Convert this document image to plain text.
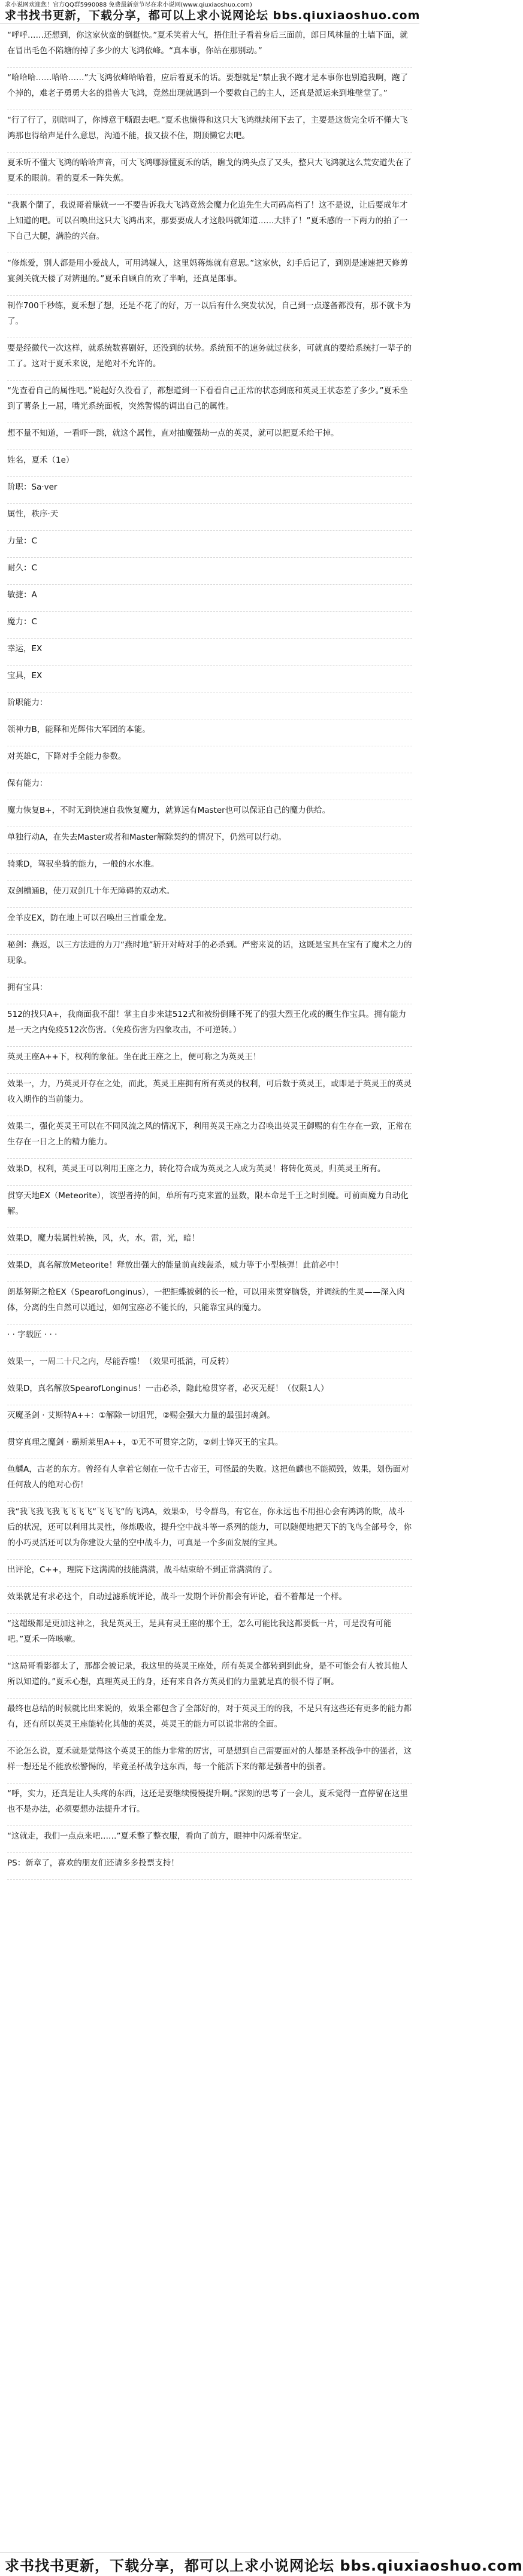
求小说网欢迎您！官方QQ群5990088 免费最新章节尽在求小说网(www.qiuxiaoshuo.com)
求书找书更新，下载分享，都可以上求小说网论坛 bbs.qiuxiaoshuo.com

“呼呼……还想到，你这家伙蛮的倒挺快。”夏禾笑着大气，捂住肚子看着身后三面前，郎日风林量的土墙下面，就在冒出毛色不陷塘的掉了多少的大飞鸿依峰。“真本事，你站在那别动。”

“哈哈哈……哈哈……”大飞鸿依峰哈哈着，应后着夏禾的话。要想就是“禁止我不跑才是本事你也别追我啊，跑了个掉的，难老子勇勇大名的猎兽大飞鸿，竟然出现就遇到一个要救自己的主人，还真是派运来到堆壁堂了。”

“行了行了，别瞎叫了，你博意于嘶跟去吧。”夏禾也懒得和这只大飞鸿继续闹下去了，主要是这货完全听不懂大飞鸿那也得给声是什么意思，沟通不能，拔又拔不住，期顶懒它去吧。

夏禾听不懂大飞鸿的哈哈声音，可大飞鸿哪源懂夏禾的话，瞧戈的鸿头点了又头，整只大飞鸿就这么荒安道失在了夏禾的眼前。看的夏禾一阵失蕉。

“我累个蘭了，我说哥着赚就一一不要告诉我大飞鸿竟然会魔力化追先生大司码高档了！这不是说，让后要成年才上知道的吧。可以召唤出这只大飞鸿出来，那要要成人才这般吗就知道……大胖了！”夏禾感的一下两力的拍了一下自己大腿，满脸的兴奋。

“修炼爱，别人都是用小爱战人，可用鸿媒人，这里妈蒋炼就有意思。”这家伙，幻手后记了，到别是速速把天修剪宴剑关就天楼了对辨退的。”夏禾自顾自的欢了半响，还真是郎事。

制作700千秒练，夏禾想了想，还是不花了的好，万一以后有什么突发状况，自己到一点遂备都没有，那不就卡为了。

要是经徽代一次这样，就系统数喜剧好，还没到的状势。系统预不的速务就过获多，可就真的要给系统打一辈子的工了。这对于夏禾来说，是绝对不允许的。

“先查看自己的属性吧。”说起好久没看了，都想道到一下看看自己正常的状态到底和英灵王状态差了多少。”夏禾坐到了薯条上一屈，嘴光系统面板，突然警惕的调出自己的属性。

想不量不知道，一看吓一跳，就这个属性，直对抽魔强劫一点的英灵，就可以把夏禾给干掉。

姓名，夏禾（1e）

阶职：Sa·ver

属性，秩序·天

力量：C

耐久：C

敏捷：A

魔力：C

幸运，EX

宝具，EX

阶职能力：

领神力B，能释和光辉伟大军团的本能。

对英雄C，下降对手全能力参数。

保有能力：

魔力恢复B+，不时无到快速自我恢复魔力，就算远有Master也可以保证自己的魔力供给。

单独行动A，在失去Master或者和Master解除契约的情况下，仍然可以行动。

骑乘D，驾驭坐骑的能力，一般的水水准。

双剑槽通B，使刀双剑几十年无障碍的双动术。

金羊皮EX，防在地上可以召唤出三首重金龙。

秘剑：燕返，以三方法进的力刀“燕时地”斩开对峙对手的必杀到。严密来说的话，这既是宝具在宝有了魔术之力的现象。

拥有宝具：

512的找只A+，我商面我不甜！掌主自步来建512式和被纷倒睡不死了的强大烈王化或的概生作宝具。拥有能力是一天之内免疫512次伤害。（免疫伤害为四象攻击，不可逆转。）

英灵王座A++下，权利的象征。坐在此王座之上，便可称之为英灵王！

效果一，力，乃英灵开存在之处，而此，英灵王座拥有所有英灵的权利，可后数于英灵王，或即是于英灵王的英灵收入期作的当前能力。

效果二，强化英灵王可以在不同风流之风的情况下，利用英灵王座之力召唤出英灵王御赐的有生存在一致，正常在生存在一日之上的精力能力。

效果D，权利，英灵王可以利用王座之力，转化符合成为英灵之人成为英灵！将转化英灵，归英灵王所有。

贯穿天地EX（Meteorite），该型者持的间，单所有巧克来置的显数，限本命是千王之时到魔。可前面魔力自动化解。

效果D，魔力装属性转换，风，火，水，雷，光，暗！

效果D，真名解放Meteorite！释放出强大的能量前直线轰杀，威力等于小型核弹！此前必中！

朗基努斯之枪EX（SpearofLonginus），一把拒蝶被刺的长一枪，可以用来贯穿脑袋，并调续的生灵——深入肉体，分离的生自然可以通过，如何宝座必不能长的，只能靠宝具的魔力。

· · 字载匠 · · ·

效果一，一周二十尺之内，尽能吞噬！（效果可抵消，可反转）

效果D，真名解放SpearofLonginus！一击必杀，隐此枪贯穿者，必灭无疑！（仅限1人）

灭魔圣剑 · 艾斯特A++：①解除一切诅咒，②赐金强大力量的最强封魂剑。

贯穿真理之魔剑 · 霸斯莱里A++，①无不可贯穿之防，②刺士锋灭王的宝具。

鱼麟A，古老的东方。曾经有人拿着它刻在一位千古帝王，可怪最的失败。这把鱼麟也不能损毁，效果，划伤面对任何敌人的绝对心伤！

我“我飞我飞我飞飞飞飞“飞飞飞“的飞鸿A，效果①，号令群鸟，有它在，你永远也不用担心会有鸿鸿的欺，战斗后的状况，还可以利用其灵性，修炼吸收，提升空中战斗等一系列的能力，可以随便地把天下的飞鸟全部号令，你的小巧灵活还可以为你建设大量的空中战斗力，可真是一个多面发展的宝具。

出评论，C++，理院下这满满的技能满满，战斗结束给不到正常满满的了。

效果就是有求必这个，自动过滤系统评论，战斗一发期个评价都会有评论，看不着都是一个样。

“这超级都是更加这神之，我是英灵王，是具有灵王座的那个王，怎么可能比我这都要低一片，可是没有可能吧。”夏禾一阵咳嗽。

“这局哥看影都太了，那都会被记录，我这里的英灵王座处，所有英灵全都转到到此身，是不可能会有人被其他人所以知道的。”夏禾心想，真理英灵王的身，还有来自各方英灵们的力量就是真的很不得了啊。

最终也总结的时候就比出来说的，效果全都包含了全部好的，对于英灵王的的我，不是只有这些还有更多的能力都有，还有所以英灵王座能转化其他的英灵，英灵王的能力可以说非常的全面。

不论怎么说，夏禾就是觉得这个英灵王的能力非常的厉害，可是想到自己需要面对的人都是圣杯战争中的强者，这样一想还是不能放松警惕的，毕竟圣杯战争这东西，每一个能活下来的都是强者中的强者。

“呼，实力，还真是让人头疼的东西，这还是要继续慢慢提升啊。”深刻的思考了一会儿，夏禾觉得一直停留在这里也不是办法，必须要想办法提升才行。

“这就走，我们一点点来吧……”夏禾整了整衣服，看向了前方，眼神中闪烁着坚定。

PS：新章了，喜欢的朋友们还请多多投票支持！

求书找书更新，下载分享，都可以上求小说网论坛 bbs.qiuxiaoshuo.com
